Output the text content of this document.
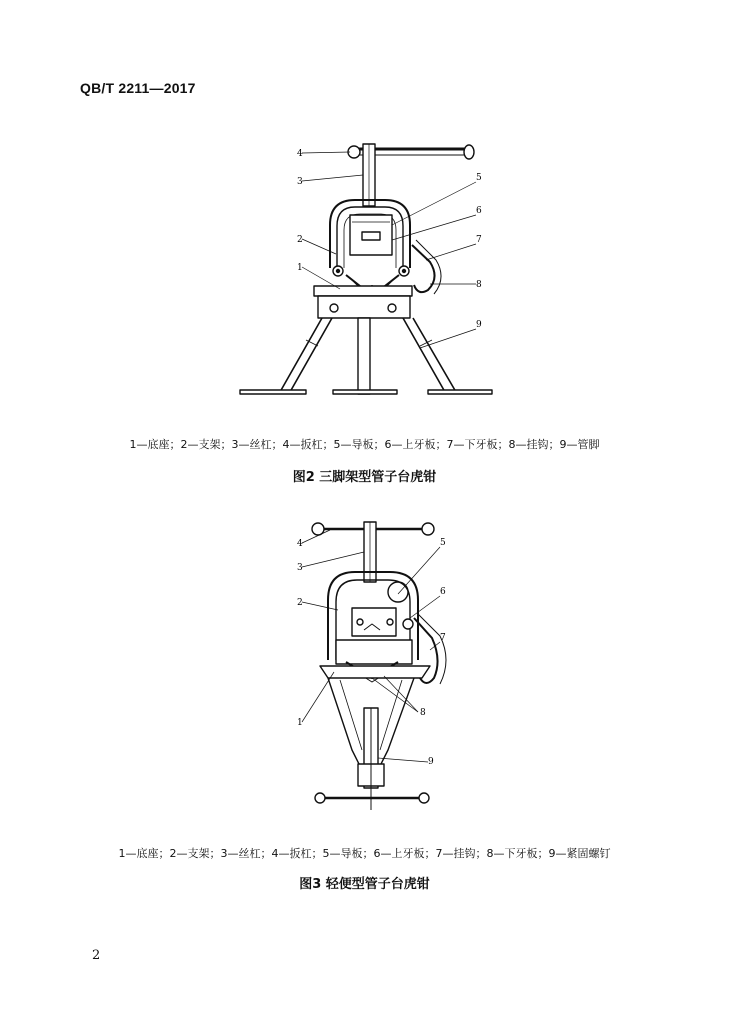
QB/T 2211—2017
4
3	5
6
2	7
1
8
9
1—底座；2—支架；3—丝杠；4—扳杠；5—导板；6—上牙板；7—下牙板；8—挂钩；9—管脚
图2 三脚架型管子台虎钳
4	5
3
6
2
7
8
1
9
1—底座；2—支架；3—丝杠；4—扳杠；5—导板；6—上牙板；7—挂钩；8—下牙板；9—紧固螺钉
图3 轻便型管子台虎钳
2
